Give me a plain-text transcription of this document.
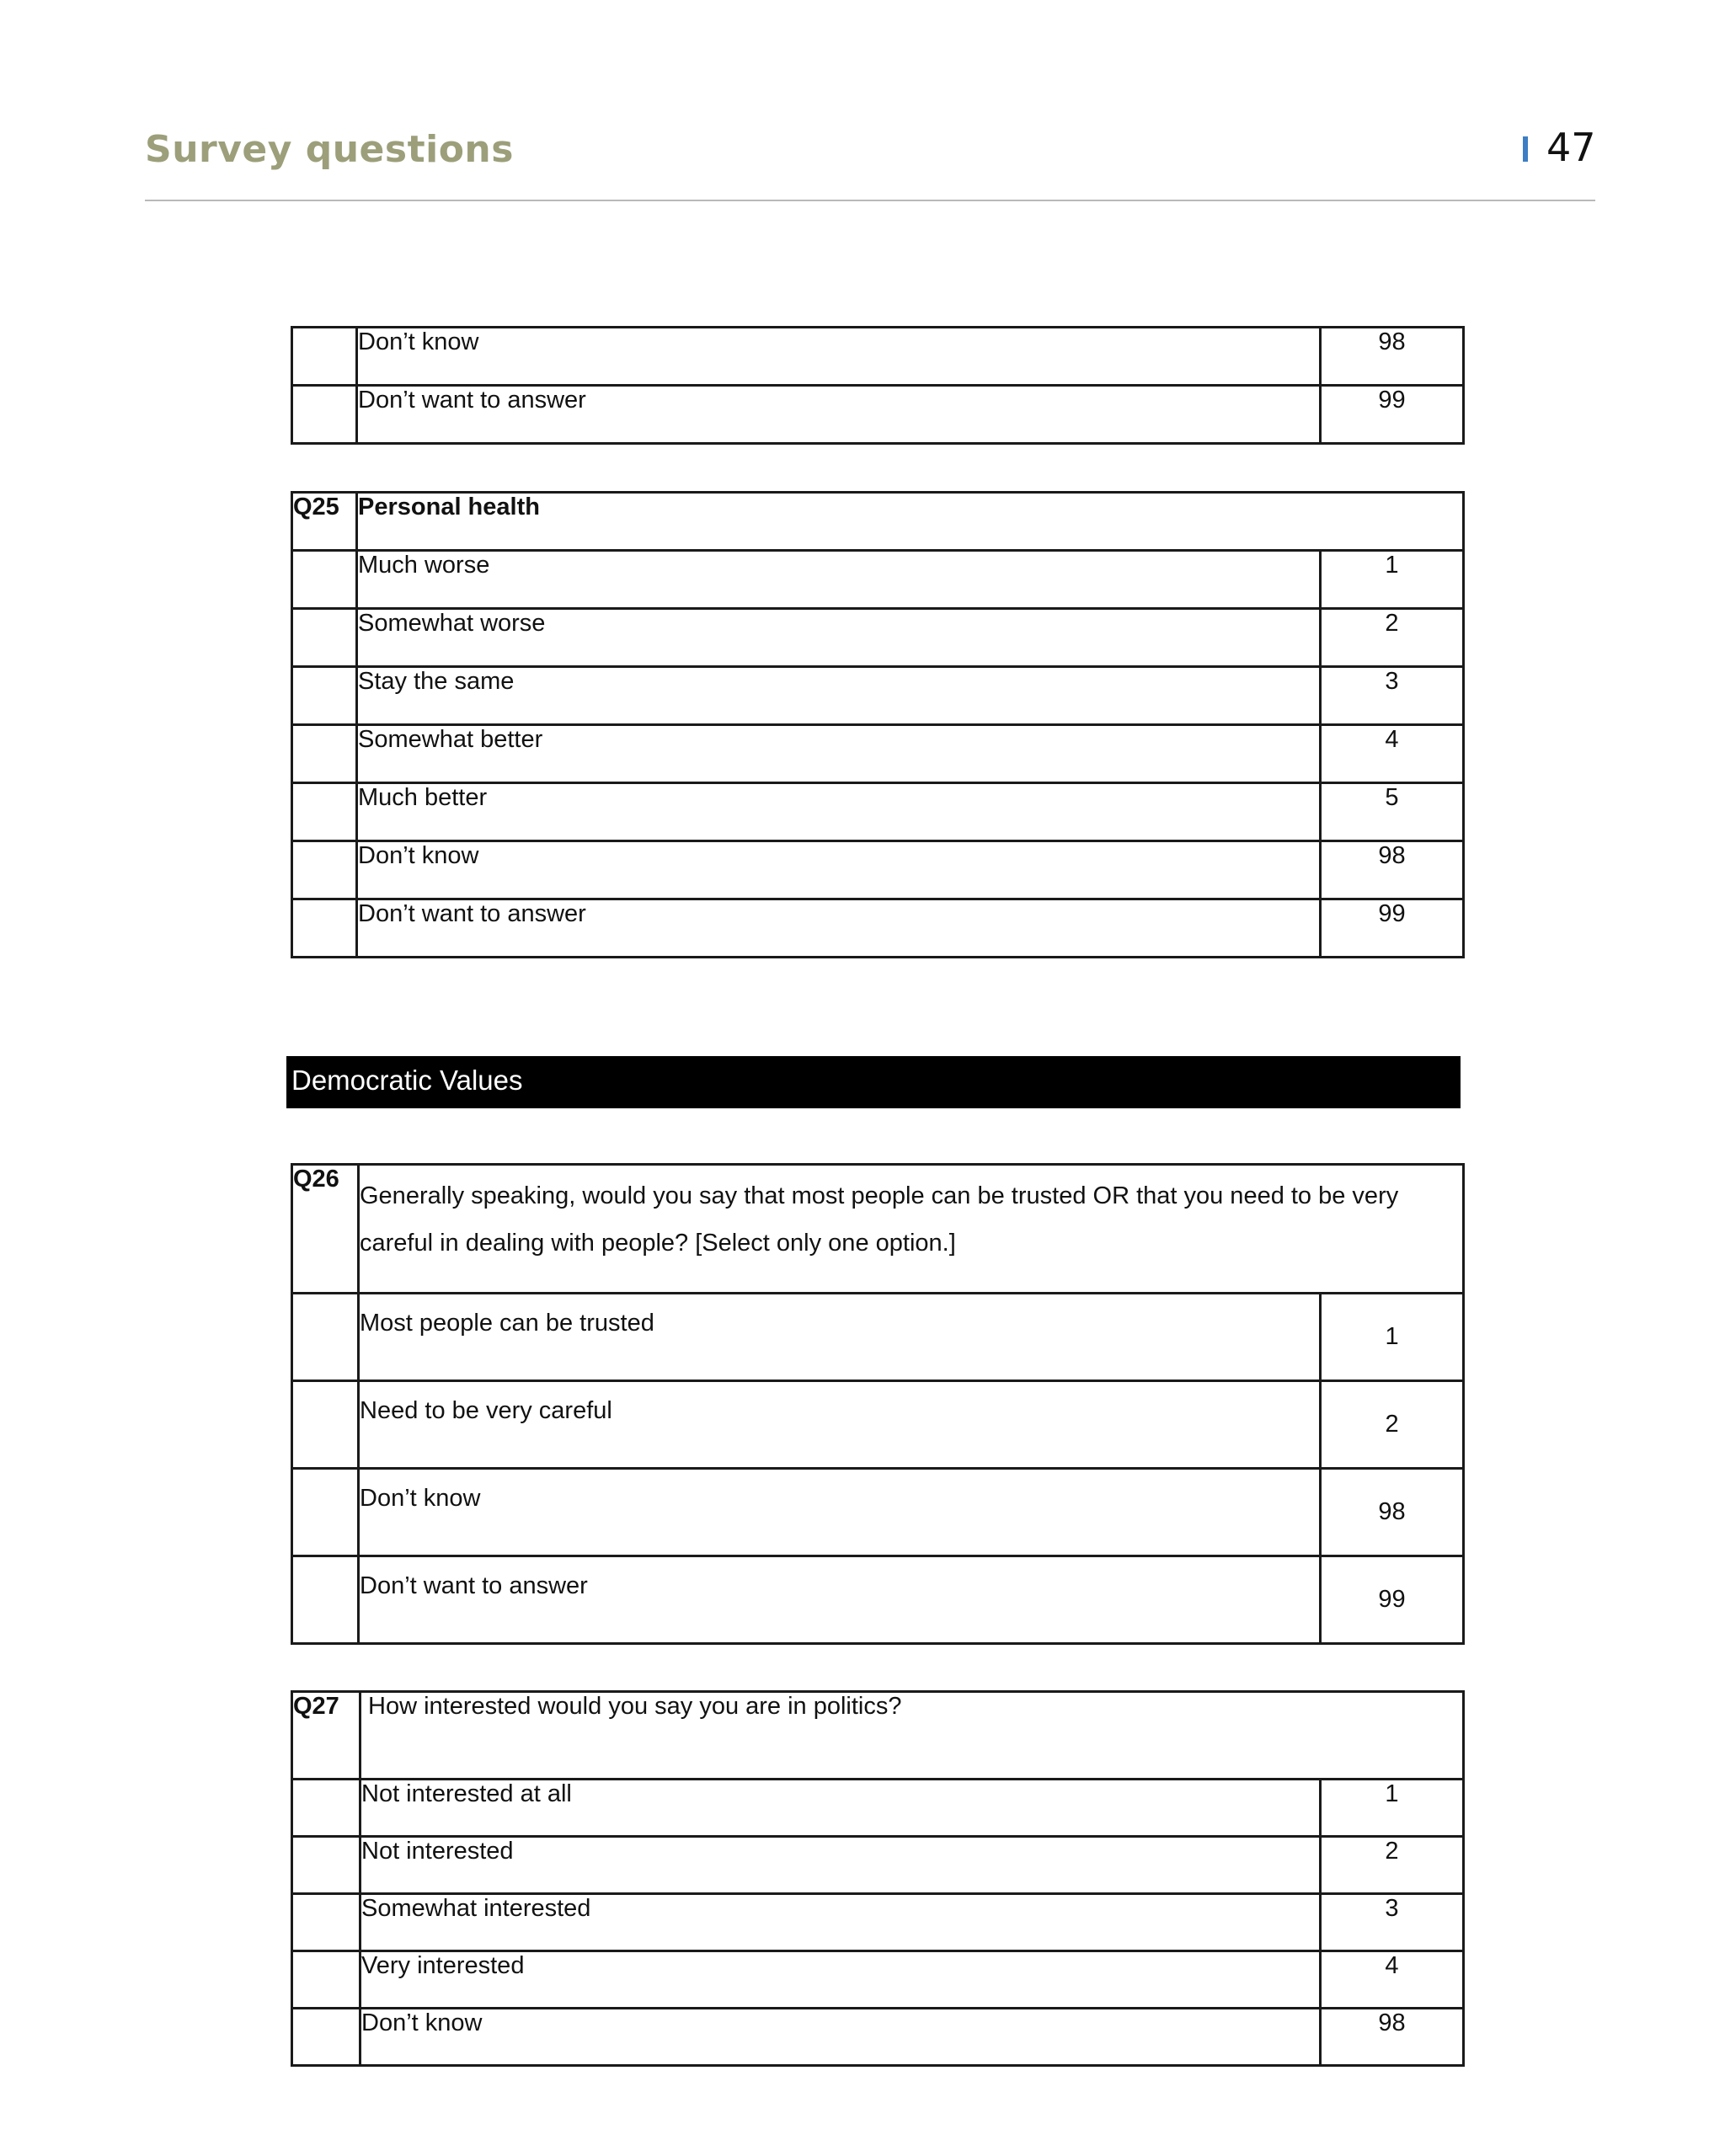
Survey questions	47
	Don’t know	98
	Don’t want to answer	99
Q25	Personal health	
	Much worse	1
	Somewhat worse	2
	Stay the same	3
	Somewhat better	4
	Much better	5
	Don’t know	98
	Don’t want to answer	99
Democratic Values
Q26	Generally speaking, would you say that most people can be trusted OR that you need to be very careful in dealing with people? [Select only one option.]	
	Most people can be trusted	1
	Need to be very careful	2
	Don’t know	98
	Don’t want to answer	99
Q27	How interested would you say you are in politics?	
	Not interested at all	1
	Not interested	2
	Somewhat interested	3
	Very interested	4
	Don’t know	98
